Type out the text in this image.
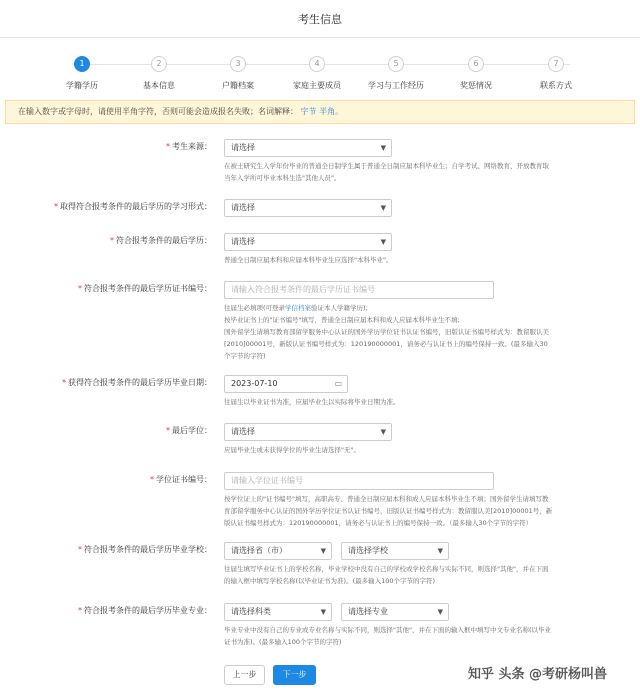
考生信息
1
学籍学历
2
基本信息
3
户籍档案
4
家庭主要成员
5
学习与工作经历
6
奖惩情况
7
联系方式
在输入数字或字母时，请使用半角字符，否则可能会造成报名失败；名词解释： 字节 半角。
* 考生来源：	请选择	▼
在被士研究生入学年份毕业的普通全日制学生属于普通全日制应届本科毕业生；自学考试、网络教育、开放教育取当年入学所可毕业本科生选"其他人员"。
* 取得符合报考条件的最后学历的学习形式：	请选择	▼
* 符合报考条件的最后学历：	请选择	▼
普通全日制应届本科和应届本科毕业生应选择"本科毕业"。
* 符合报考条件的最后学历证书编号：	请输入符合报考条件的最后学历证书编号
往届生必填项(可登录学信档案验证本人学籍学历);
按毕业证书上的"证书编号"填写，普通全日制应届本科和成人应届本科毕业生不填;
国外留学生请填写教育部留学服务中心认证的国外学历学位证书认证书编号，旧版认证书编号样式为：教留服认美[2010]00001号，新版认证书编号样式为：120190000001，请务必与认证书上的编号保持一致。(最多输入30个字节的字符)
* 获得符合报考条件的最后学历毕业日期：	2023-07-10	▭
往届生以毕业证书为准，应届毕业生以实际将毕业日期为准。
* 最后学位：	请选择	▼
应届毕业生或未获得学位的毕业生请选择"无"。
* 学位证书编号：	请输入学位证书编号
按学位证上的"证书编号"填写，高职高专、普通全日制应届本科和成人应届本科毕业生不填；国外留学生请填写教育部留学服务中心认证的国外学历学位证书认证书编号，旧版认证书编号样式为：教留服认美[2010]00001号，新版认证书编号样式为：120190000001，请务必与认证书上的编号保持一致。（最多输入30个字节的字符）
* 符合报考条件的最后学历毕业学校：	请选择省（市）	▼	请选择学校	▼
往届生填写毕业证书上的学校名称，毕业学校中没有自己的学校或学校名称与实际不同，则选择"其他"，并在下面的输入框中填写学校名称(以毕业证书为准)。(最多输入100个字节的字符)
* 符合报考条件的最后学历毕业专业：	请选择科类	▼	请选择专业	▼
毕业专业中没有自己的专业或专业名称与实际不同，则选择"其他"，并在下面的输入框中填写中文专业名称(以毕业证书为准)。(最多输入100个字节的字符)
上一步	下一步	知乎 头条 @考研杨叫兽
